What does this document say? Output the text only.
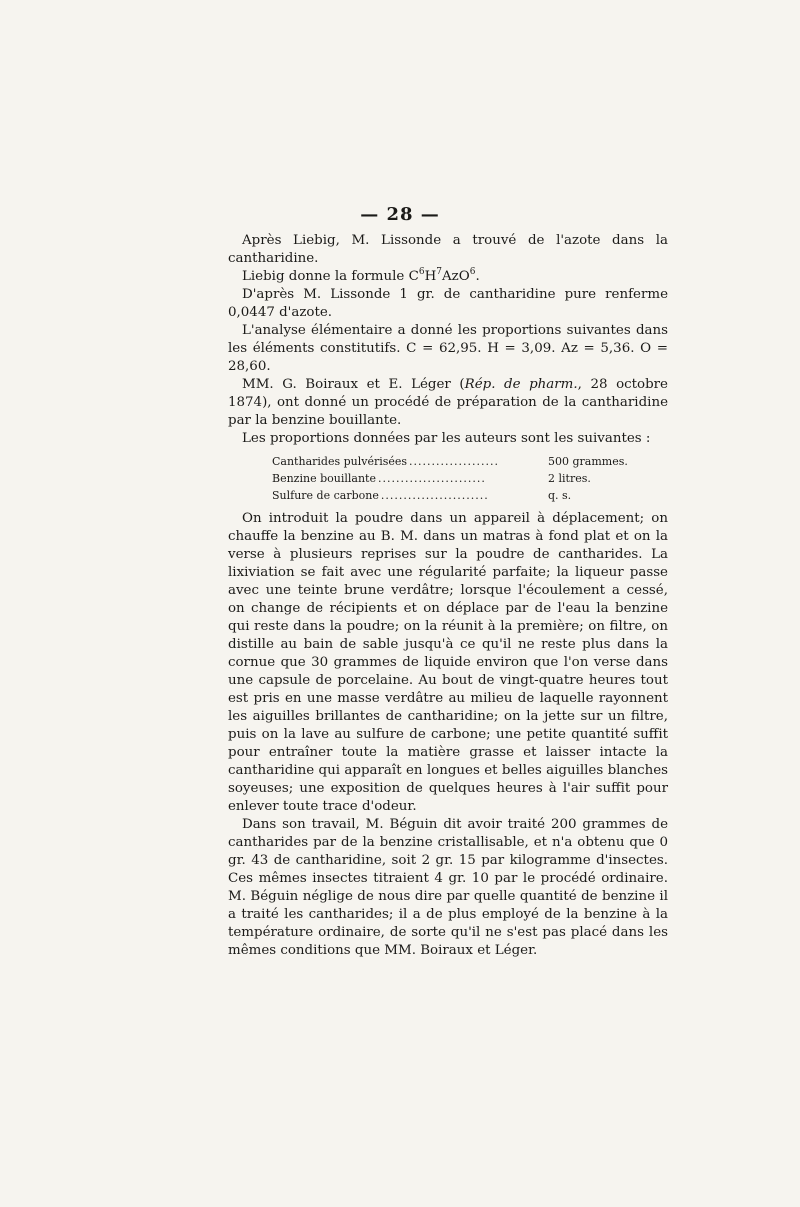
— 28 —

Après Liebig, M. Lissonde a trouvé de l'azote dans la cantharidine.

Liebig donne la formule $C^6H^7AzO^6$.

D'après M. Lissonde 1 gr. de cantharidine pure renferme 0,0447 d'azote.

L'analyse élémentaire a donné les proportions suivantes dans les éléments constitutifs. C = 62,95. H = 3,09. Az = 5,36. O = 28,60.

MM. G. Boiraux et E. Léger (Rép. de pharm., 28 octobre 1874), ont donné un procédé de préparation de la cantharidine par la benzine bouillante.

Les proportions données par les auteurs sont les suivantes :

Cantharides pulvérisées ....................	500 grammes.
Benzine bouillante ........................	2 litres.
Sulfure de carbone ........................	q. s.

On introduit la poudre dans un appareil à déplacement; on chauffe la benzine au B. M. dans un matras à fond plat et on la verse à plusieurs reprises sur la poudre de cantharides. La lixiviation se fait avec une régularité parfaite; la liqueur passe avec une teinte brune verdâtre; lorsque l'écoulement a cessé, on change de récipients et on déplace par de l'eau la benzine qui reste dans la poudre; on la réunit à la première; on filtre, on distille au bain de sable jusqu'à ce qu'il ne reste plus dans la cornue que 30 grammes de liquide environ que l'on verse dans une capsule de porcelaine. Au bout de vingt-quatre heures tout est pris en une masse verdâtre au milieu de laquelle rayonnent les aiguilles brillantes de cantharidine; on la jette sur un filtre, puis on la lave au sulfure de carbone; une petite quantité suffit pour entraîner toute la matière grasse et laisser intacte la cantharidine qui apparaît en longues et belles aiguilles blanches soyeuses; une exposition de quelques heures à l'air suffit pour enlever toute trace d'odeur.

Dans son travail, M. Béguin dit avoir traité 200 grammes de cantharides par de la benzine cristallisable, et n'a obtenu que 0 gr. 43 de cantharidine, soit 2 gr. 15 par kilogramme d'insectes. Ces mêmes insectes titraient 4 gr. 10 par le procédé ordinaire. M. Béguin néglige de nous dire par quelle quantité de benzine il a traité les cantharides; il a de plus employé de la benzine à la température ordinaire, de sorte qu'il ne s'est pas placé dans les mêmes conditions que MM. Boiraux et Léger.
